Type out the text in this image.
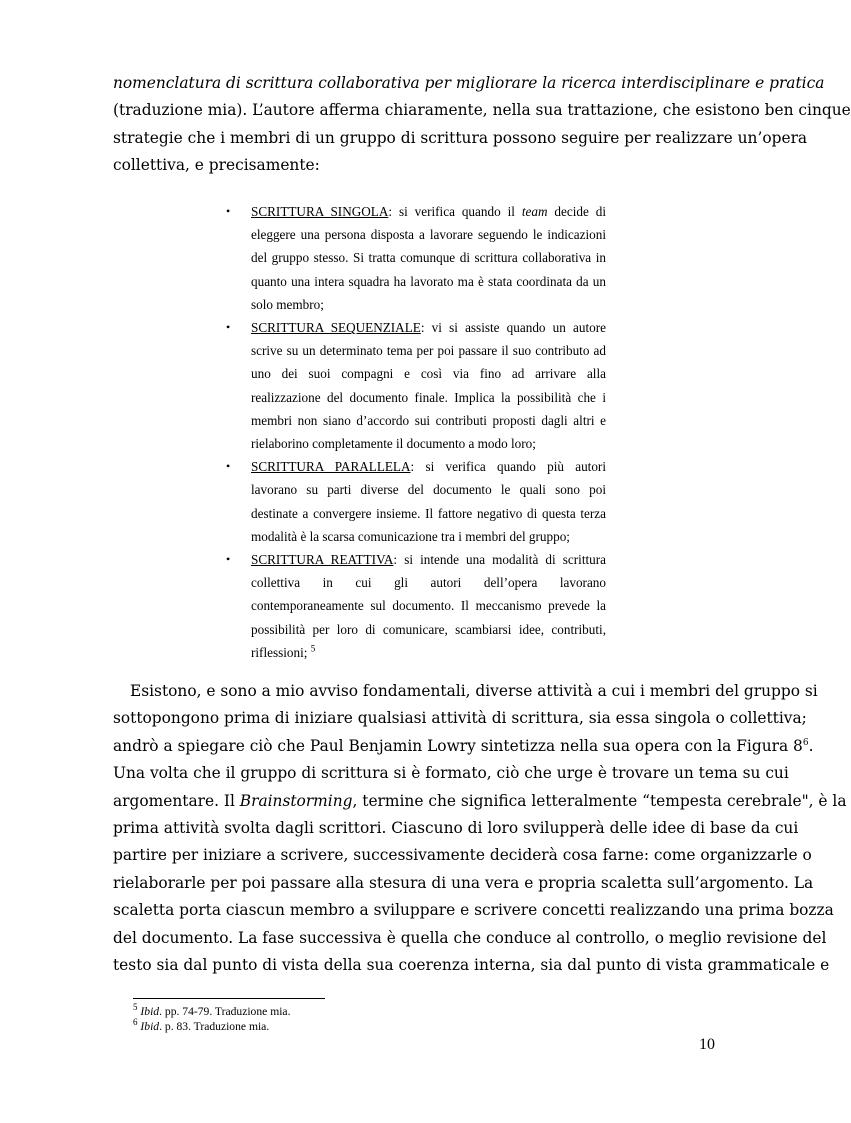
nomenclatura di scrittura collaborativa per migliorare la ricerca interdisciplinare e pratica
(traduzione mia). L’autore afferma chiaramente, nella sua trattazione, che esistono ben cinque
strategie che i membri di un gruppo di scrittura possono seguire per realizzare un’opera
collettiva, e precisamente:
• SCRITTURA SINGOLA: si verifica quando il team decide di
eleggere una persona disposta a lavorare seguendo le indicazioni
del gruppo stesso. Si tratta comunque di scrittura collaborativa in
quanto una intera squadra ha lavorato ma è stata coordinata da un
solo membro;
• SCRITTURA SEQUENZIALE: vi si assiste quando un autore
scrive su un determinato tema per poi passare il suo contributo ad
uno dei suoi compagni e così via fino ad arrivare alla
realizzazione del documento finale. Implica la possibilità che i
membri non siano d’accordo sui contributi proposti dagli altri e
rielaborino completamente il documento a modo loro;
• SCRITTURA PARALLELA: si verifica quando più autori
lavorano su parti diverse del documento le quali sono poi
destinate a convergere insieme. Il fattore negativo di questa terza
modalità è la scarsa comunicazione tra i membri del gruppo;
• SCRITTURA REATTIVA: si intende una modalità di scrittura
collettiva in cui gli autori dell’opera lavorano
contemporaneamente sul documento. Il meccanismo prevede la
possibilità per loro di comunicare, scambiarsi idee, contributi,
riflessioni; $^5$
Esistono, e sono a mio avviso fondamentali, diverse attività a cui i membri del gruppo si
sottopongono prima di iniziare qualsiasi attività di scrittura, sia essa singola o collettiva;
andrò a spiegare ciò che Paul Benjamin Lowry sintetizza nella sua opera con la Figura $8^6$.
Una volta che il gruppo di scrittura si è formato, ciò che urge è trovare un tema su cui
argomentare. Il Brainstorming, termine che significa letteralmente “tempesta cerebrale", è la
prima attività svolta dagli scrittori. Ciascuno di loro svilupperà delle idee di base da cui
partire per iniziare a scrivere, successivamente deciderà cosa farne: come organizzarle o
rielaborarle per poi passare alla stesura di una vera e propria scaletta sull’argomento. La
scaletta porta ciascun membro a sviluppare e scrivere concetti realizzando una prima bozza
del documento. La fase successiva è quella che conduce al controllo, o meglio revisione del
testo sia dal punto di vista della sua coerenza interna, sia dal punto di vista grammaticale e
$^5$ Ibid. pp. 74-79. Traduzione mia.
$^6$ Ibid. p. 83. Traduzione mia.
10
